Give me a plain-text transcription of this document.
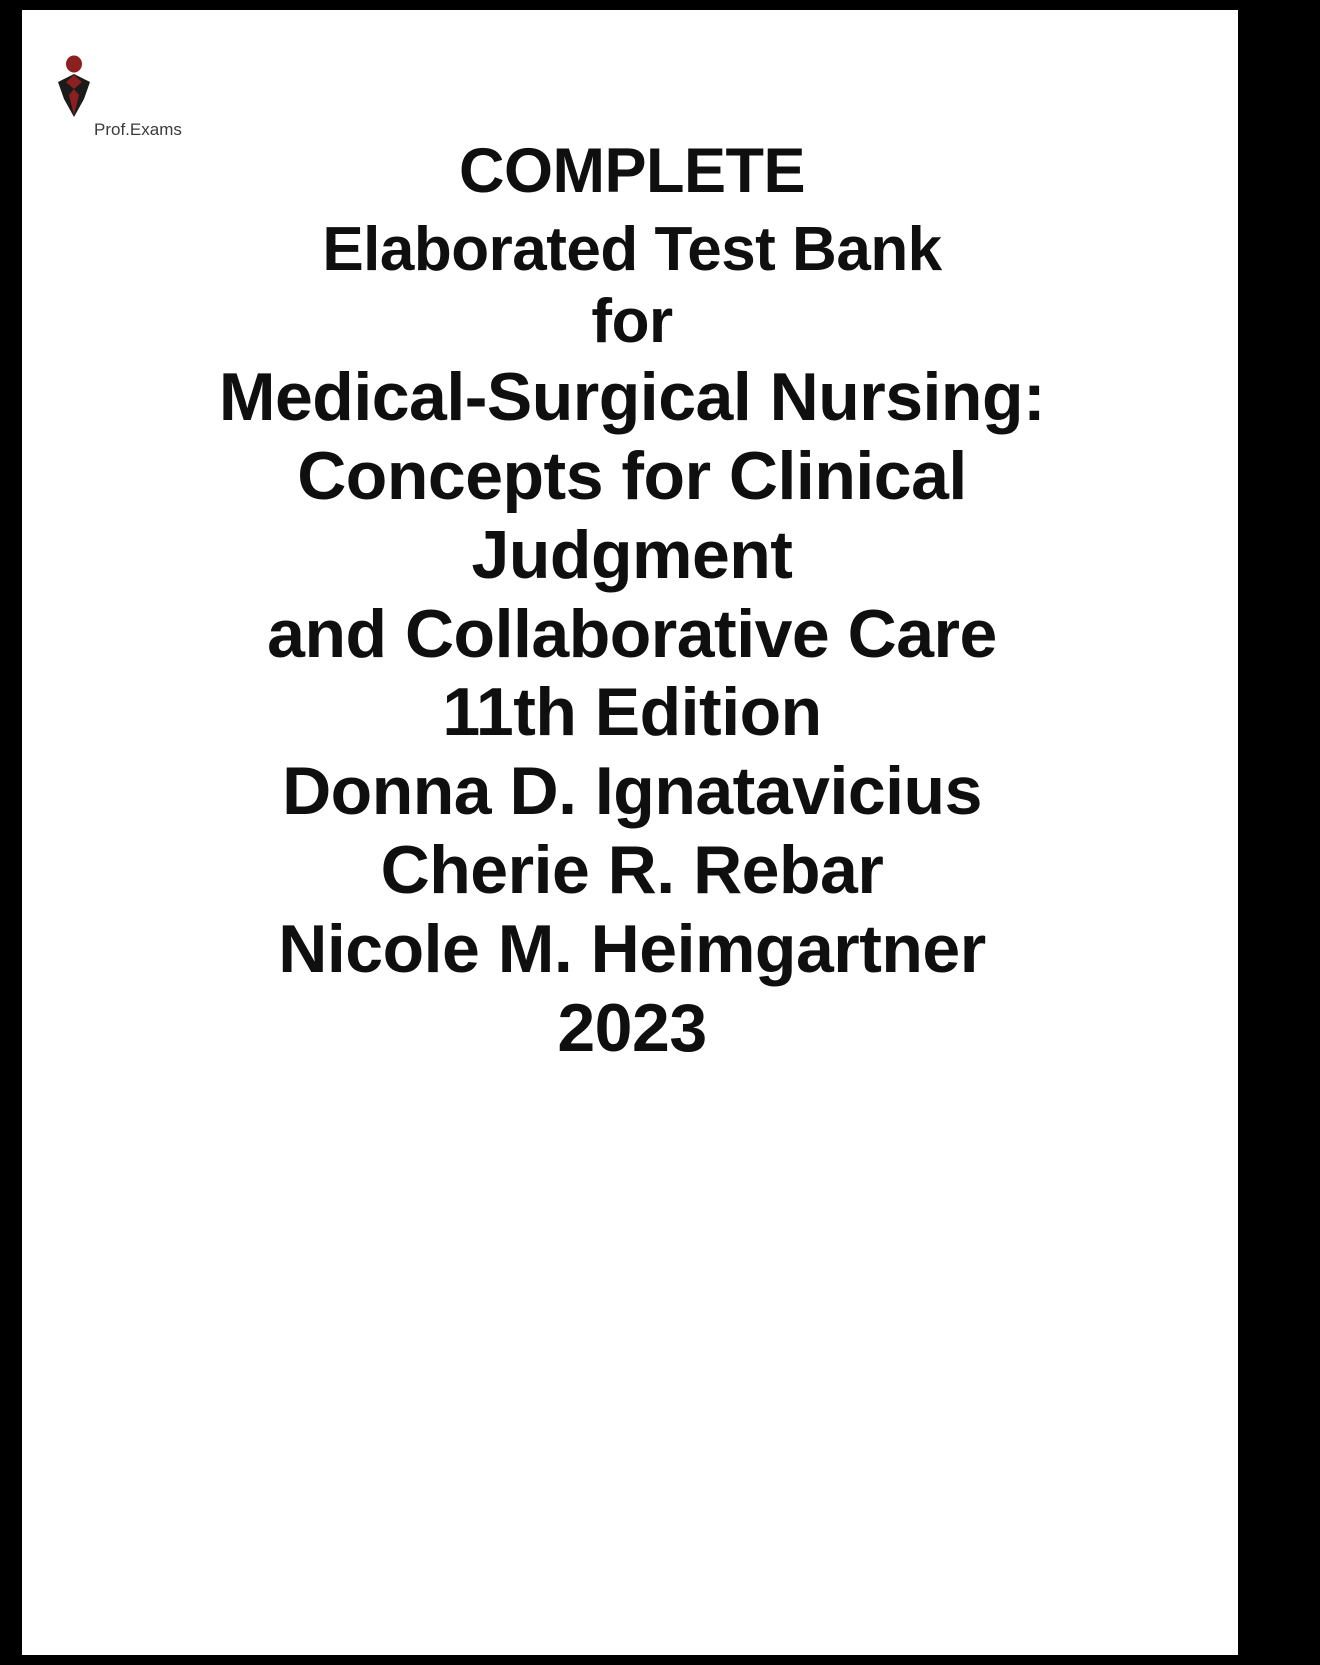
Prof.Exams
COMPLETE
Elaborated Test Bank
for
Medical-Surgical Nursing:
Concepts for Clinical
Judgment
and Collaborative Care
11th Edition
Donna D. Ignatavicius
Cherie R. Rebar
Nicole M. Heimgartner
2023
